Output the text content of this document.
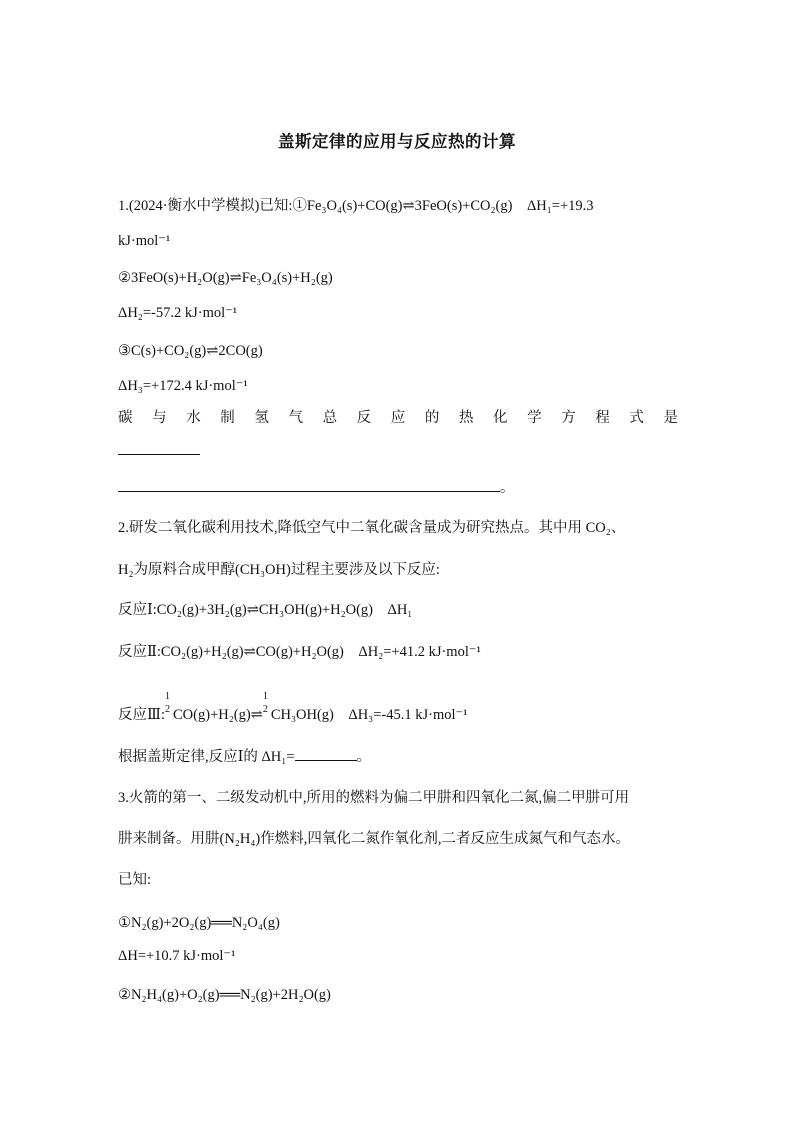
盖斯定律的应用与反应热的计算
1.(2024·衡水中学模拟)已知:①Fe₃O₄(s)+CO(g)⇌3FeO(s)+CO₂(g)　ΔH₁=+19.3
kJ·mol⁻¹
②3FeO(s)+H₂O(g)⇌Fe₃O₄(s)+H₂(g)
ΔH₂=-57.2 kJ·mol⁻¹
③C(s)+CO₂(g)⇌2CO(g)
ΔH₃=+172.4 kJ·mol⁻¹
碳 与 水 制 氢 气 总 反 应 的 热 化 学 方 程 式 是
。
2.研发二氧化碳利用技术,降低空气中二氧化碳含量成为研究热点。其中用 CO₂、
H₂为原料合成甲醇(CH₃OH)过程主要涉及以下反应:
反应Ⅰ:CO₂(g)+3H₂(g)⇌CH₃OH(g)+H₂O(g)　ΔH₁
反应Ⅱ:CO₂(g)+H₂(g)⇌CO(g)+H₂O(g)　ΔH₂=+41.2 kJ·mol⁻¹
反应Ⅲ:
1
2 CO(g)+H₂(g)⇌
1
2 CH₃OH(g)　ΔH₃=-45.1 kJ·mol⁻¹
根据盖斯定律,反应Ⅰ的 ΔH₁=	。
3.火箭的第一、二级发动机中,所用的燃料为偏二甲肼和四氧化二氮,偏二甲肼可用
肼来制备。用肼(N₂H₄)作燃料,四氧化二氮作氧化剂,二者反应生成氮气和气态水。
已知:
①N₂(g)+2O₂(g)══N₂O₄(g)
ΔH=+10.7 kJ·mol⁻¹
②N₂H₄(g)+O₂(g)══N₂(g)+2H₂O(g)
